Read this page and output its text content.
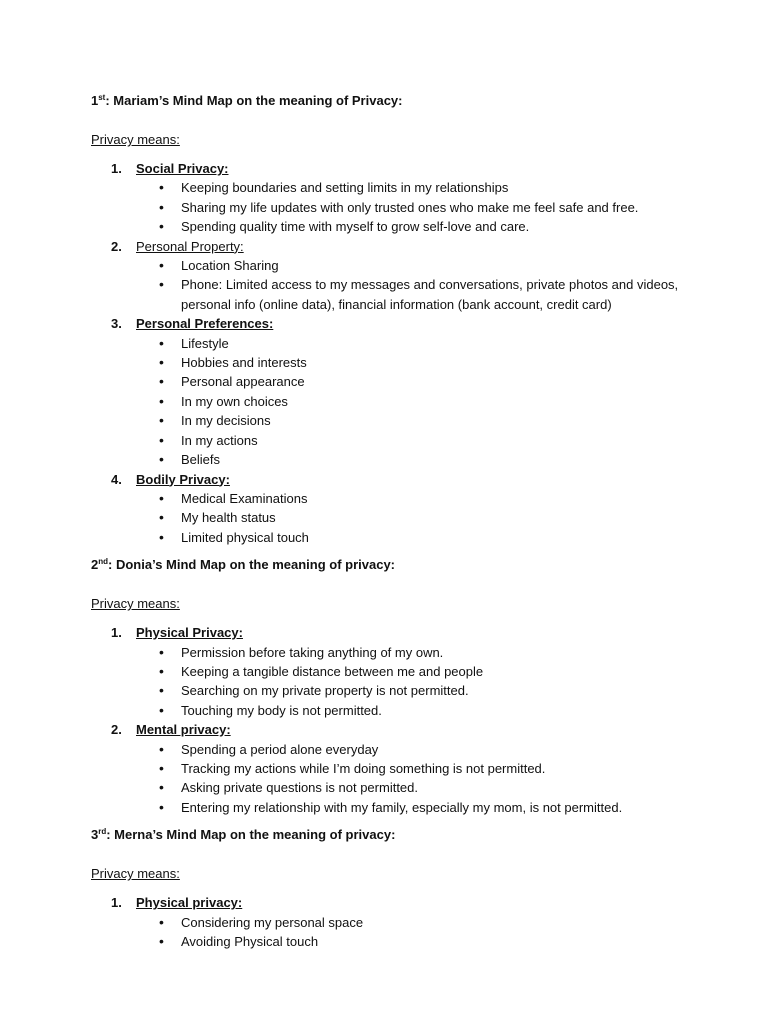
1st: Mariam’s Mind Map on the meaning of Privacy:

Privacy means:

1. Social Privacy:
• Keeping boundaries and setting limits in my relationships
• Sharing my life updates with only trusted ones who make me feel safe and free.
• Spending quality time with myself to grow self-love and care.
2. Personal Property:
• Location Sharing
• Phone: Limited access to my messages and conversations, private photos and videos, personal info (online data), financial information (bank account, credit card)
3. Personal Preferences:
• Lifestyle
• Hobbies and interests
• Personal appearance
• In my own choices
• In my decisions
• In my actions
• Beliefs
4. Bodily Privacy:
• Medical Examinations
• My health status
• Limited physical touch

2nd: Donia’s Mind Map on the meaning of privacy:

Privacy means:

1. Physical Privacy:
• Permission before taking anything of my own.
• Keeping a tangible distance between me and people
• Searching on my private property is not permitted.
• Touching my body is not permitted.
2. Mental privacy:
• Spending a period alone everyday
• Tracking my actions while I’m doing something is not permitted.
• Asking private questions is not permitted.
• Entering my relationship with my family, especially my mom, is not permitted.

3rd: Merna’s Mind Map on the meaning of privacy:

Privacy means:

1. Physical privacy:
• Considering my personal space
• Avoiding Physical touch
